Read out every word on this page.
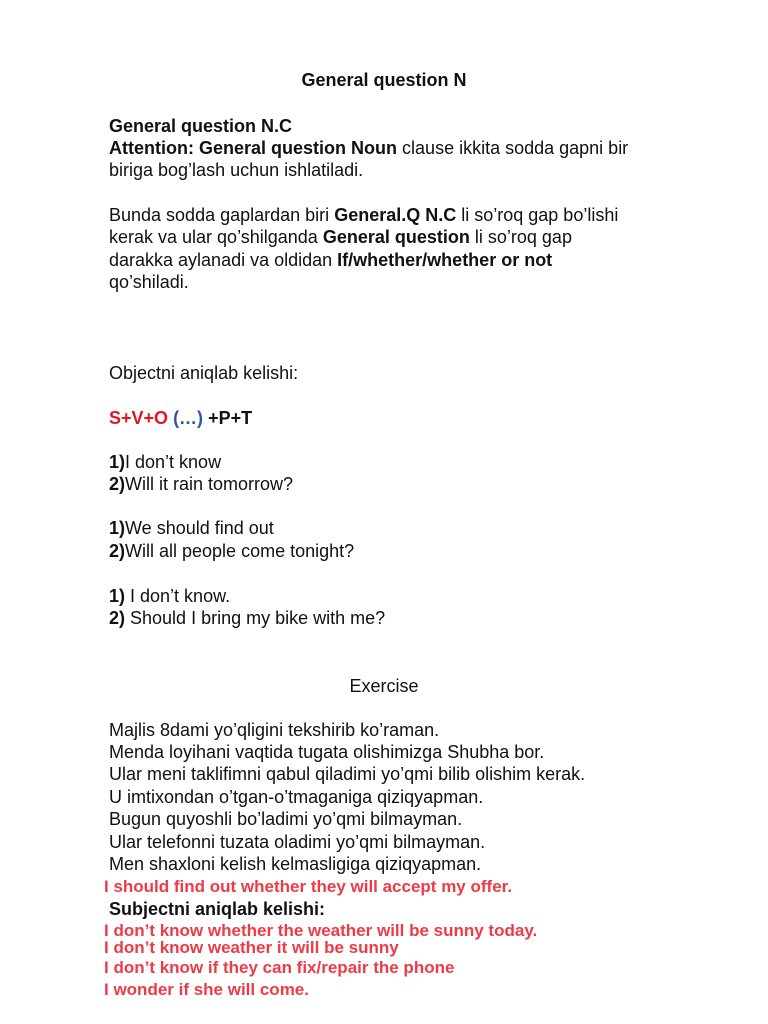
General question N
General question N.C
Attention: General question Noun clause ikkita sodda gapni bir
biriga bog’lash uchun ishlatiladi.
Bunda sodda gaplardan biri General.Q N.C li so’roq gap bo’lishi
kerak va ular qo’shilganda General question li so’roq gap
darakka aylanadi va oldidan If/whether/whether or not
qo’shiladi.
Objectni aniqlab kelishi:
S+V+O (…) +P+T
1)I don’t know
2)Will it rain tomorrow?
1)We should find out
2)Will all people come tonight?
1) I don’t know.
2) Should I bring my bike with me?
Exercise
Majlis 8dami yo’qligini tekshirib ko’raman.
Menda loyihani vaqtida tugata olishimizga Shubha bor.
Ular meni taklifimni qabul qiladimi yo’qmi bilib olishim kerak.
U imtixondan o’tgan-o’tmaganiga qiziqyapman.
Bugun quyoshli bo’ladimi yo’qmi bilmayman.
Ular telefonni tuzata oladimi yo’qmi bilmayman.
Men shaxloni kelish kelmasligiga qiziqyapman.
I should find out whether they will accept my offer.
Subjectni aniqlab kelishi:
I don’t know whether the weather will be sunny today.
I don’t know weather it will be sunny
I don’t know if they can fix/repair the phone
I wonder if she will come.
